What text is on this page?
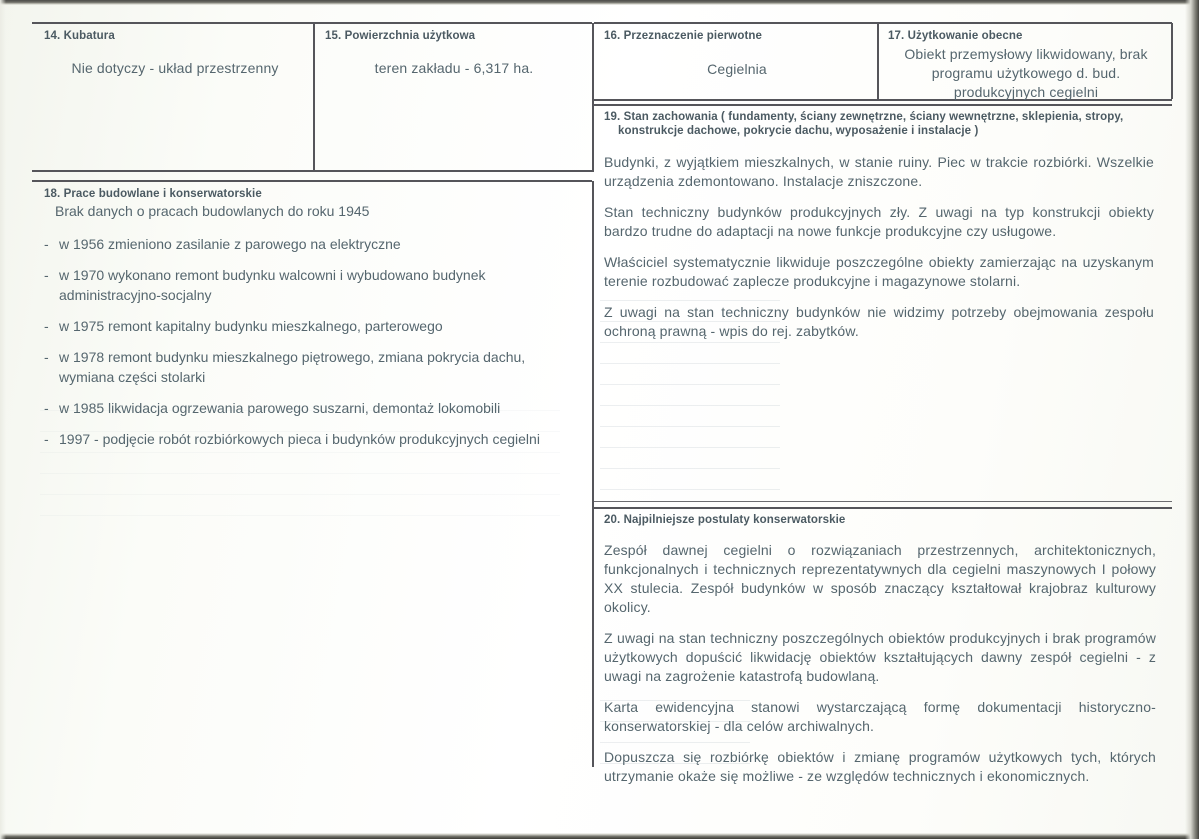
14. Kubatura
Nie dotyczy - układ przestrzenny
15. Powierzchnia użytkowa
teren zakładu - 6,317 ha.
16. Przeznaczenie pierwotne
Cegielnia
17. Użytkowanie obecne
Obiekt przemysłowy likwidowany, brak programu użytkowego d. bud. produkcyjnych cegielni
18. Prace budowlane i konserwatorskie
Brak danych o pracach budowlanych do roku 1945
- w 1956 zmieniono zasilanie z parowego na elektryczne
- w 1970 wykonano remont budynku walcowni i wybudowano budynek administracyjno-socjalny
- w 1975 remont kapitalny budynku mieszkalnego, parterowego
- w 1978 remont budynku mieszkalnego piętrowego, zmiana pokrycia dachu, wymiana części stolarki
- w 1985 likwidacja ogrzewania parowego suszarni, demontaż lokomobili
- 1997 - podjęcie robót rozbiórkowych pieca i budynków produkcyjnych cegielni
19. Stan zachowania ( fundamenty, ściany zewnętrzne, ściany wewnętrzne, sklepienia, stropy,
konstrukcje dachowe, pokrycie dachu, wyposażenie i instalacje )

Budynki, z wyjątkiem mieszkalnych, w stanie ruiny. Piec w trakcie rozbiórki. Wszelkie urządzenia zdemontowano. Instalacje zniszczone.

Stan techniczny budynków produkcyjnych zły. Z uwagi na typ konstrukcji obiekty bardzo trudne do adaptacji na nowe funkcje produkcyjne czy usługowe.

Właściciel systematycznie likwiduje poszczególne obiekty zamierzając na uzyskanym terenie rozbudować zaplecze produkcyjne i magazynowe stolarni.

Z uwagi na stan techniczny budynków nie widzimy potrzeby obejmowania zespołu ochroną prawną - wpis do rej. zabytków.

20. Najpilniejsze postulaty konserwatorskie

Zespół dawnej cegielni o rozwiązaniach przestrzennych, architektonicznych, funkcjonalnych i technicznych reprezentatywnych dla cegielni maszynowych I połowy XX stulecia. Zespół budynków w sposób znaczący kształtował krajobraz kulturowy okolicy.

Z uwagi na stan techniczny poszczególnych obiektów produkcyjnych i brak programów użytkowych dopuścić likwidację obiektów kształtujących dawny zespół cegielni - z uwagi na zagrożenie katastrofą budowlaną.

Karta ewidencyjna stanowi wystarczającą formę dokumentacji historyczno-konserwatorskiej - dla celów archiwalnych.

Dopuszcza się rozbiórkę obiektów i zmianę programów użytkowych tych, których utrzymanie okaże się możliwe - ze względów technicznych i ekonomicznych.
